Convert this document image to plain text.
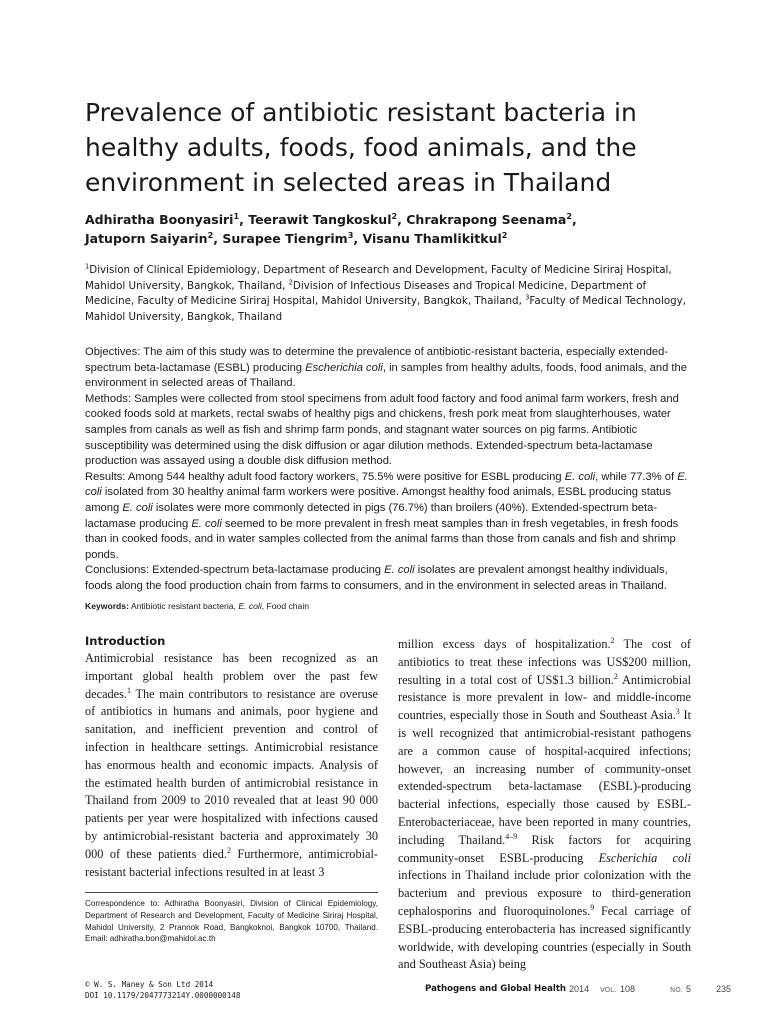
Prevalence of antibiotic resistant bacteria in healthy adults, foods, food animals, and the environment in selected areas in Thailand
Adhiratha Boonyasiri$^1$, Teerawit Tangkoskul$^2$, Chrakrapong Seenama$^2$,
Jatuporn Saiyarin$^2$, Surapee Tiengrim$^3$, Visanu Thamlikitkul$^2$

$^1$Division of Clinical Epidemiology, Department of Research and Development, Faculty of Medicine Siriraj Hospital, Mahidol University, Bangkok, Thailand, $^2$Division of Infectious Diseases and Tropical Medicine, Department of Medicine, Faculty of Medicine Siriraj Hospital, Mahidol University, Bangkok, Thailand, $^3$Faculty of Medical Technology, Mahidol University, Bangkok, Thailand

Objectives: The aim of this study was to determine the prevalence of antibiotic-resistant bacteria, especially extended-spectrum beta-lactamase (ESBL) producing Escherichia coli, in samples from healthy adults, foods, food animals, and the environment in selected areas of Thailand.

Methods: Samples were collected from stool specimens from adult food factory and food animal farm workers, fresh and cooked foods sold at markets, rectal swabs of healthy pigs and chickens, fresh pork meat from slaughterhouses, water samples from canals as well as fish and shrimp farm ponds, and stagnant water sources on pig farms. Antibiotic susceptibility was determined using the disk diffusion or agar dilution methods. Extended-spectrum beta-lactamase production was assayed using a double disk diffusion method.

Results: Among 544 healthy adult food factory workers, 75.5% were positive for ESBL producing E. coli, while 77.3% of E. coli isolated from 30 healthy animal farm workers were positive. Amongst healthy food animals, ESBL producing status among E. coli isolates were more commonly detected in pigs (76.7%) than broilers (40%). Extended-spectrum beta-lactamase producing E. coli seemed to be more prevalent in fresh meat samples than in fresh vegetables, in fresh foods than in cooked foods, and in water samples collected from the animal farms than those from canals and fish and shrimp ponds.

Conclusions: Extended-spectrum beta-lactamase producing E. coli isolates are prevalent amongst healthy individuals, foods along the food production chain from farms to consumers, and in the environment in selected areas in Thailand.

Keywords: Antibiotic resistant bacteria, E. coli, Food chain

Introduction

Antimicrobial resistance has been recognized as an important global health problem over the past few decades.$^1$ The main contributors to resistance are overuse of antibiotics in humans and animals, poor hygiene and sanitation, and inefficient prevention and control of infection in healthcare settings. Antimicrobial resistance has enormous health and economic impacts. Analysis of the estimated health burden of antimicrobial resistance in Thailand from 2009 to 2010 revealed that at least 90 000 patients per year were hospitalized with infections caused by antimicrobial-resistant bacteria and approximately 30 000 of these patients died.$^2$ Furthermore, antimicrobial-resistant bacterial infections resulted in at least 3

million excess days of hospitalization.$^2$ The cost of antibiotics to treat these infections was US$200 million, resulting in a total cost of US$1.3 billion.$^2$ Antimicrobial resistance is more prevalent in low- and middle-income countries, especially those in South and Southeast Asia.$^3$ It is well recognized that antimicrobial-resistant pathogens are a common cause of hospital-acquired infections; however, an increasing number of community-onset extended-spectrum beta-lactamase (ESBL)-producing bacterial infections, especially those caused by ESBL-Enterobacteriaceae, have been reported in many countries, including Thailand.$^{4-9}$ Risk factors for acquiring community-onset ESBL-producing Escherichia coli infections in Thailand include prior colonization with the bacterium and previous exposure to third-generation cephalosporins and fluoroquinolones.$^9$ Fecal carriage of ESBL-producing enterobacteria has increased significantly worldwide, with developing countries (especially in South and Southeast Asia) being

Correspondence to: Adhiratha Boonyasiri, Division of Clinical Epidemiology, Department of Research and Development, Faculty of Medicine Siriraj Hospital, Mahidol University, 2 Prannok Road, Bangkoknoi, Bangkok 10700, Thailand. Email: adhiratha.bon@mahidol.ac.th

© W. S. Maney & Son Ltd 2014
DOI 10.1179/2047773214Y.0000000148
Pathogens and Global Health 2014 VOL. 108	NO. 5	235
